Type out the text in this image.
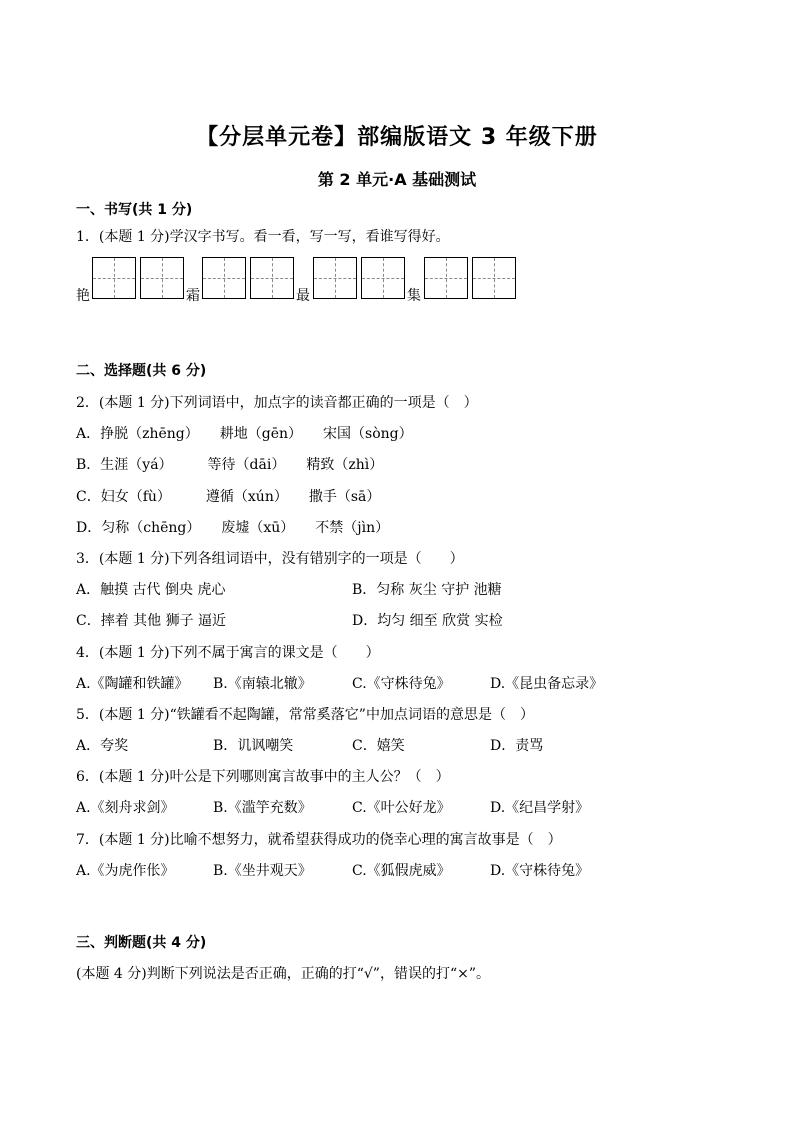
【分层单元卷】部编版语文 3 年级下册
第 2 单元·A 基础测试
一、书写(共 1 分)
1．(本题 1 分)学汉字书写。看一看，写一写，看谁写得好。
艳	霜	最	集
二、选择题(共 6 分)
2．(本题 1 分)下列词语中，加点字的读音都正确的一项是（　）
A．挣脱（zhēng）　　耕地（gēn）　　宋国（sòng）
B．生涯（yá）　　　等待（dāi）　　精致（zhì）
C．妇女（fù）　　　遵循（xún）　　撒手（sā）
D．匀称（chēng）　　废墟（xū）　　不禁（jìn）
3．(本题 1 分)下列各组词语中，没有错别字的一项是（　　）
A．触摸 古代 倒央 虎心	B．匀称 灰尘 守护 池糖
C．摔着 其他 狮子 逼近	D．均匀 细至 欣赏 实检
4．(本题 1 分)下列不属于寓言的课文是（　　）
A.《陶罐和铁罐》 B.《南辕北辙》	C.《守株待兔》	D.《昆虫备忘录》
5．(本题 1 分)“铁罐看不起陶罐，常常奚落它”中加点词语的意思是（　）
A．夸奖	B．讥讽嘲笑	C．嬉笑	D．责骂
6．(本题 1 分)叶公是下列哪则寓言故事中的主人公？（　）
A.《刻舟求剑》	B.《滥竽充数》	C.《叶公好龙》	D.《纪昌学射》
7．(本题 1 分)比喻不想努力，就希望获得成功的侥幸心理的寓言故事是（　）
A.《为虎作伥》	B.《坐井观天》	C.《狐假虎威》	D.《守株待兔》
三、判断题(共 4 分)
(本题 4 分)判断下列说法是否正确，正确的打“√”，错误的打“×”。
